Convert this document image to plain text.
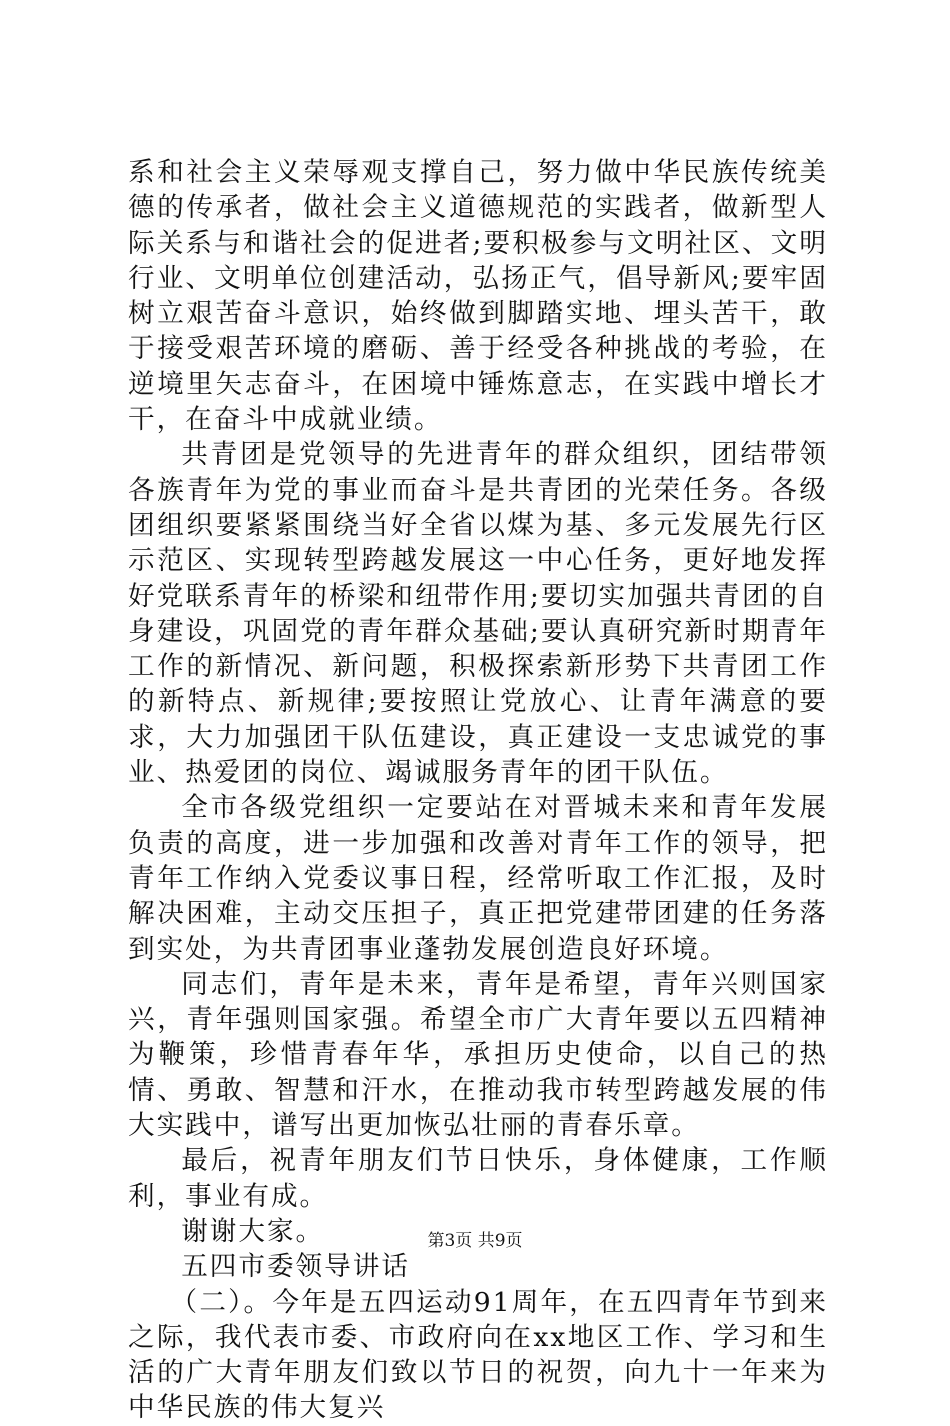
系和社会主义荣辱观支撑自己，努力做中华民族传统美德的传承者，做社会主义道德规范的实践者，做新型人际关系与和谐社会的促进者;要积极参与文明社区、文明行业、文明单位创建活动，弘扬正气，倡导新风;要牢固树立艰苦奋斗意识，始终做到脚踏实地、埋头苦干，敢于接受艰苦环境的磨砺、善于经受各种挑战的考验，在逆境里矢志奋斗，在困境中锤炼意志，在实践中增长才干，在奋斗中成就业绩。

共青团是党领导的先进青年的群众组织，团结带领各族青年为党的事业而奋斗是共青团的光荣任务。各级团组织要紧紧围绕当好全省以煤为基、多元发展先行区示范区、实现转型跨越发展这一中心任务，更好地发挥好党联系青年的桥梁和纽带作用;要切实加强共青团的自身建设，巩固党的青年群众基础;要认真研究新时期青年工作的新情况、新问题，积极探索新形势下共青团工作的新特点、新规律;要按照让党放心、让青年满意的要求，大力加强团干队伍建设，真正建设一支忠诚党的事业、热爱团的岗位、竭诚服务青年的团干队伍。

全市各级党组织一定要站在对晋城未来和青年发展负责的高度，进一步加强和改善对青年工作的领导，把青年工作纳入党委议事日程，经常听取工作汇报，及时解决困难，主动交压担子，真正把党建带团建的任务落到实处，为共青团事业蓬勃发展创造良好环境。

同志们，青年是未来，青年是希望，青年兴则国家兴，青年强则国家强。希望全市广大青年要以五四精神为鞭策，珍惜青春年华，承担历史使命，以自己的热情、勇敢、智慧和汗水，在推动我市转型跨越发展的伟大实践中，谱写出更加恢弘壮丽的青春乐章。

最后，祝青年朋友们节日快乐，身体健康，工作顺利，事业有成。

谢谢大家。

五四市委领导讲话

（二）。今年是五四运动91周年，在五四青年节到来之际，我代表市委、市政府向在xx地区工作、学习和生活的广大青年朋友们致以节日的祝贺，向九十一年来为中华民族的伟大复兴

第3页 共9页
